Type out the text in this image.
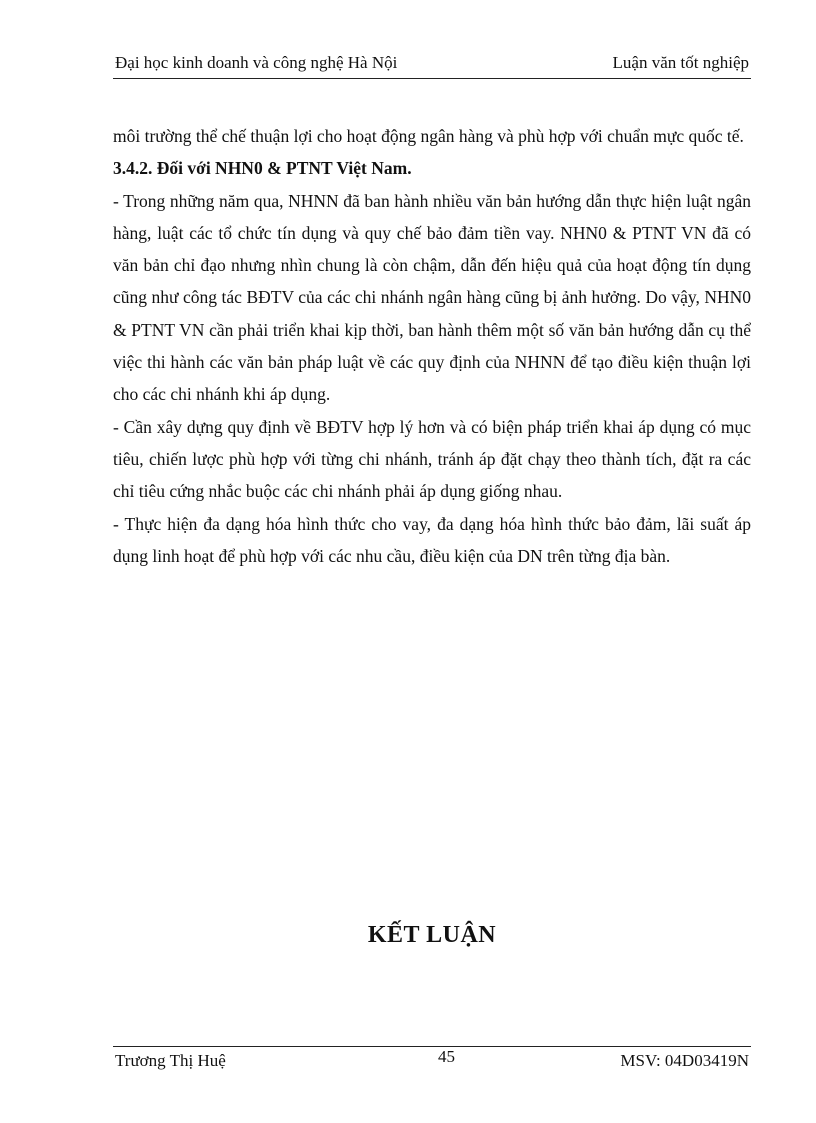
Đại học kinh doanh và công nghệ Hà Nội	Luận văn tốt nghiệp

môi trường thể chế thuận lợi cho hoạt động ngân hàng và phù hợp với chuẩn mực quốc tế.

3.4.2. Đối với NHN0 & PTNT Việt Nam.

- Trong những năm qua, NHNN đã ban hành nhiều văn bản hướng dẫn thực hiện luật ngân hàng, luật các tổ chức tín dụng và quy chế bảo đảm tiền vay. NHN0 & PTNT VN đã có văn bản chỉ đạo nhưng nhìn chung là còn chậm, dẫn đến hiệu quả của hoạt động tín dụng cũng như công tác BĐTV của các chi nhánh ngân hàng cũng bị ảnh hưởng. Do vậy, NHN0 & PTNT VN cần phải triển khai kịp thời, ban hành thêm một số văn bản hướng dẫn cụ thể việc thi hành các văn bản pháp luật về các quy định của NHNN để tạo điều kiện thuận lợi cho các chi nhánh khi áp dụng.

- Cần xây dựng quy định về BĐTV hợp lý hơn và có biện pháp triển khai áp dụng có mục tiêu, chiến lược phù hợp với từng chi nhánh, tránh áp đặt chạy theo thành tích, đặt ra các chỉ tiêu cứng nhắc buộc các chi nhánh phải áp dụng giống nhau.

- Thực hiện đa dạng hóa hình thức cho vay, đa dạng hóa hình thức bảo đảm, lãi suất áp dụng linh hoạt để phù hợp với các nhu cầu, điều kiện của DN trên từng địa bàn.

KẾT LUẬN
Trương Thị Huệ	45	MSV: 04D03419N
